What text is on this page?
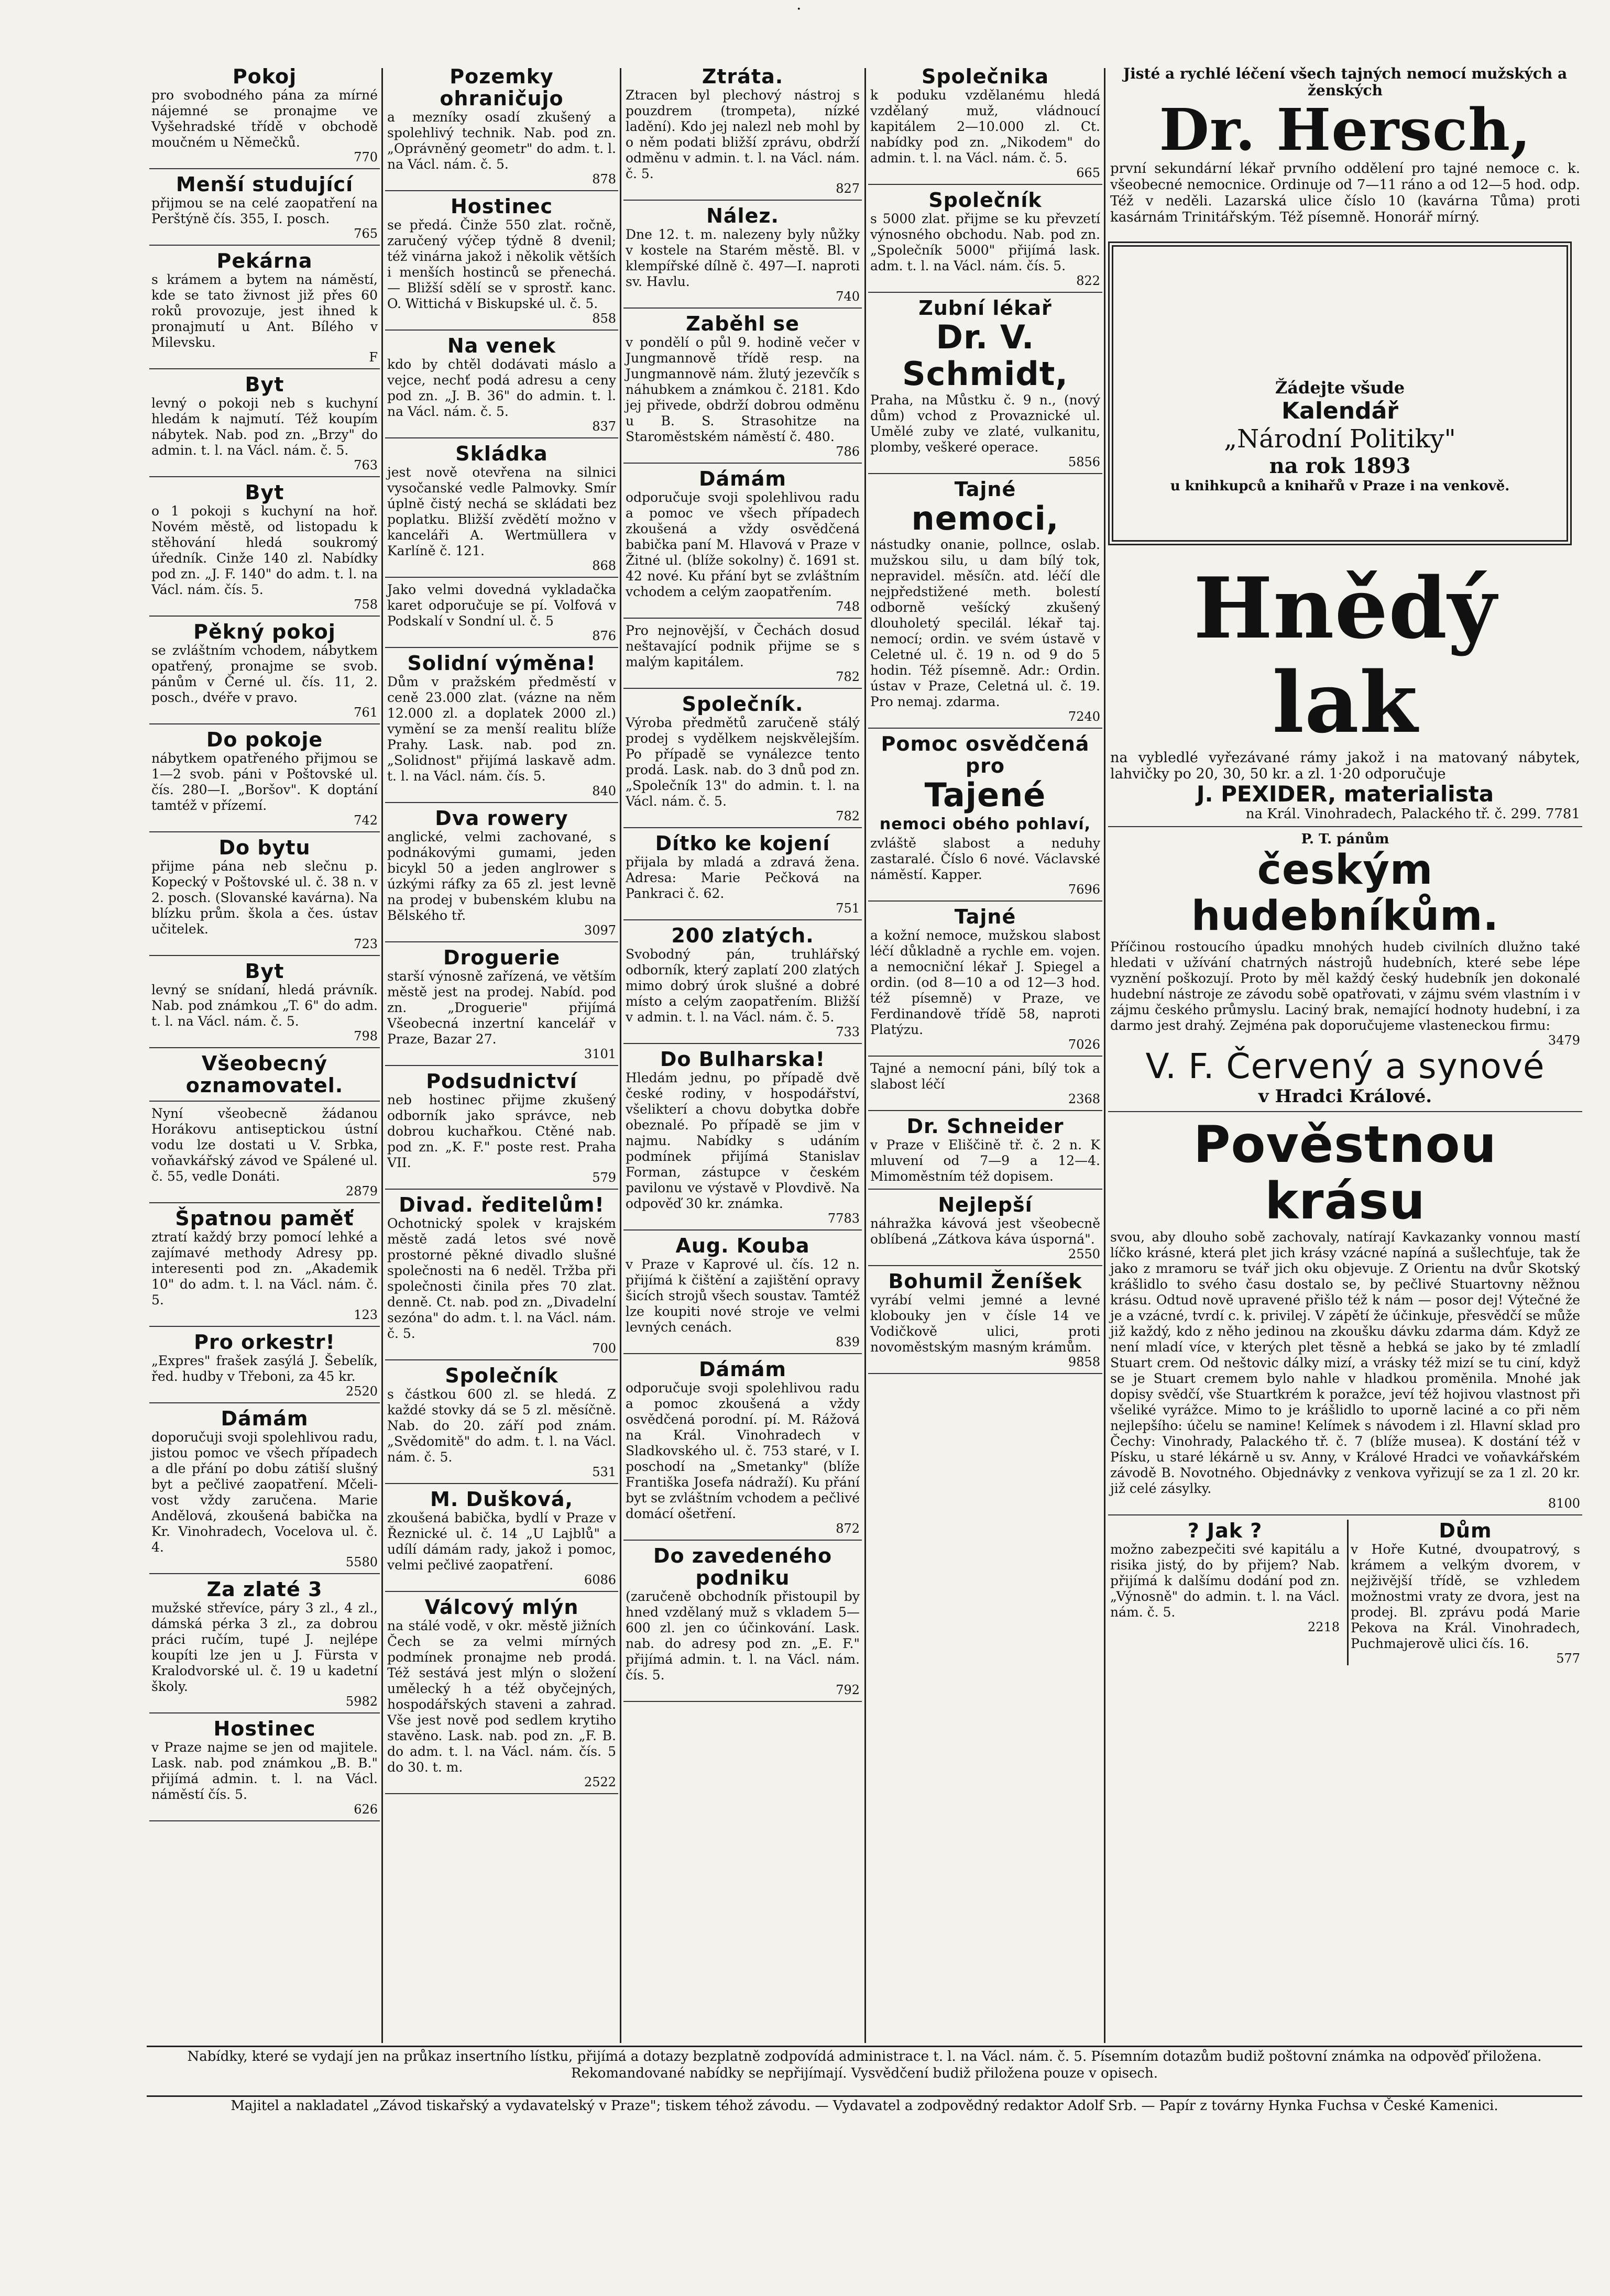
·
Pokoj

pro svobodného pána za mírné nájemné se pronajme ve Vyšehradské třídě v obchodě moučném u Němečků.

770
Menší studující

přijmou se na celé zaopatření na Perštýně čís. 355, I. posch.

765
Pekárna

s krámem a bytem na náměstí, kde se tato živnost již přes 60 roků provozuje, jest ihned k pronajmutí u Ant. Bílého v Milevsku.

F
Byt

levný o pokoji neb s kuchyní hledám k najmutí. Též koupím nábytek. Nab. pod zn. „Brzy" do admin. t. l. na Václ. nám. č. 5.

763
Byt

o 1 pokoji s kuchyní na hoř. Novém městě, od listopadu k stěhování hledá soukromý úředník. Cinže 140 zl. Nabídky pod zn. „J. F. 140" do adm. t. l. na Václ. nám. čís. 5.

758
Pěkný pokoj

se zvláštním vchodem, nábytkem opatřený, pronajme se svob. pánům v Černé ul. čís. 11, 2. posch., dvéře v pravo.

761
Do pokoje

nábytkem opatřeného přijmou se 1—2 svob. páni v Poštovské ul. čís. 280—I. „Boršov". K doptání tamtéž v přízemí.

742
Do bytu

přijme pána neb slečnu p. Kopecký v Poštovské ul. č. 38 n. v 2. posch. (Slovanské kavárna). Na blízku prům. škola a čes. ústav učitelek.

723
Byt

levný se snídaní, hledá právník. Nab. pod známkou „T. 6" do adm. t. l. na Václ. nám. č. 5.

798
Všeobecný oznamovatel.

Nyní všeobecně žádanou Horákovu antiseptickou ústní vodu lze dostati u V. Srbka, voňavkářský závod ve Spálené ul. č. 55, vedle Donáti.

2879
Špatnou paměť

ztratí každý brzy pomocí lehké a zajímavé methody Adresy pp. interesenti pod zn. „Akademik 10" do adm. t. l. na Václ. nám. č. 5.

123
Pro orkestr!

„Expres" frašek zasýlá J. Šebelík, řed. hudby v Třeboni, za 45 kr.

2520
Dámám

doporučuji svoji spolehlivou radu, jistou pomoc ve všech případech a dle přání po dobu zátiší slušný byt a pečlivé zaopatření. Mčeli-vost vždy zaručena. Marie Andělová, zkoušená babička na Kr. Vinohradech, Vocelova ul. č. 4.

5580
Za zlaté 3

mužské střevíce, páry 3 zl., 4 zl., dámská pérka 3 zl., za dobrou práci ručím, tupé J. nejlépe koupíti lze jen u J. Fürsta v Kralodvorské ul. č. 19 u kadetní školy.

5982
Hostinec

v Praze najme se jen od majitele. Lask. nab. pod známkou „B. B." přijímá admin. t. l. na Václ. náměstí čís. 5.

626
Pozemky ohraničujo

a mezníky osadí zkušený a spolehlivý technik. Nab. pod zn. „Oprávněný geometr" do adm. t. l. na Václ. nám. č. 5.

878
Hostinec

se předá. Činže 550 zlat. ročně, zaručený výčep týdně 8 dvenil; též vinárna jakož i několik větších i menších hostinců se přenechá. — Bližší sdělí se v sprostř. kanc. O. Wittichá v Biskupské ul. č. 5.

858
Na venek

kdo by chtěl dodávati máslo a vejce, nechť podá adresu a ceny pod zn. „J. B. 36" do admin. t. l. na Václ. nám. č. 5.

837
Skládka

jest nově otevřena na silnici vysočanské vedle Palmovky. Smír úplně čistý nechá se skládati bez poplatku. Bližší zvědětí možno v kanceláři A. Wertmüllera v Karlíně č. 121.

868

Jako velmi dovedná vykladačka karet odporučuje se pí. Volfová v Podskalí v Sondní ul. č. 5

876
Solidní výměna!

Dům v pražském předměstí v ceně 23.000 zlat. (vázne na něm 12.000 zl. a doplatek 2000 zl.) vymění se za menší realitu blíže Prahy. Lask. nab. pod zn. „Solidnost" přijímá laskavě adm. t. l. na Václ. nám. čís. 5.

840
Dva rowery

anglické, velmi zachované, s podnákovými gumami, jeden bicykl 50 a jeden anglrower s úzkými ráfky za 65 zl. jest levně na prodej v bubenském klubu na Bělského tř.

3097
Droguerie

starší výnosně zařízená, ve větším městě jest na prodej. Nabíd. pod zn. „Droguerie" přijímá Všeobecná inzertní kancelář v Praze, Bazar 27.

3101
Podsudnictví

neb hostinec přijme zkušený odborník jako správce, neb dobrou kuchařkou. Ctěné nab. pod zn. „K. F." poste rest. Praha VII.

579
Divad. ředitelům!

Ochotnický spolek v krajském městě zadá letos své nově prostorné pěkné divadlo slušné společnosti na 6 neděl. Tržba při společnosti činila přes 70 zlat. denně. Ct. nab. pod zn. „Divadelní sezóna" do adm. t. l. na Václ. nám. č. 5.

700
Společník

s částkou 600 zl. se hledá. Z každé stovky dá se 5 zl. měsíčně. Nab. do 20. září pod znám. „Svědomitě" do adm. t. l. na Václ. nám. č. 5.

531
M. Dušková,

zkoušená babička, bydlí v Praze v Řeznické ul. č. 14 „U Lajblů" a udílí dámám rady, jakož i pomoc, velmi pečlivé zaopatření.

6086
Válcový mlýn

na stálé vodě, v okr. městě jižních Čech se za velmi mírných podmínek pronajme neb prodá. Též sestává jest mlýn o složení umělecký h a též obyčejných, hospodářských staveni a zahrad. Vše jest nově pod sedlem krytiho stavěno. Lask. nab. pod zn. „F. B. do adm. t. l. na Václ. nám. čís. 5 do 30. t. m.

2522
Ztráta.

Ztracen byl plechový nástroj s pouzdrem (trompeta), nízké ladění). Kdo jej nalezl neb mohl by o něm podati bližší zprávu, obdrží odměnu v admin. t. l. na Václ. nám. č. 5.

827
Nález.

Dne 12. t. m. nalezeny byly nůžky v kostele na Starém městě. Bl. v klempířské dílně č. 497—I. naproti sv. Havlu.

740
Zaběhl se

v pondělí o půl 9. hodině večer v Jungmannově třídě resp. na Jungmannově nám. žlutý jezevčík s náhubkem a známkou č. 2181. Kdo jej přivede, obdrží dobrou odměnu u B. S. Strasohitze na Staroměstském náměstí č. 480.

786
Dámám

odporučuje svoji spolehlivou radu a pomoc ve všech případech zkoušená a vždy osvědčená babička paní M. Hlavová v Praze v Žitné ul. (blíže sokolny) č. 1691 st. 42 nové. Ku přání byt se zvláštním vchodem a celým zaopatřením.

748

Pro nejnovější, v Čechách dosud neštavající podnik přijme se s malým kapitálem.

782
Společník.

Výroba předmětů zaručeně stálý prodej s vydělkem nejskvělejším. Po případě se vynálezce tento prodá. Lask. nab. do 3 dnů pod zn. „Společník 13" do admin. t. l. na Václ. nám. č. 5.

782
Dítko ke kojení

přijala by mladá a zdravá žena. Adresa: Marie Pečková na Pankraci č. 62.

751
200 zlatých.

Svobodný pán, truhlářský odborník, který zaplatí 200 zlatých mimo dobrý úrok slušné a dobré místo a celým zaopatřením. Bližší v admin. t. l. na Václ. nám. č. 5.

733
Do Bulharska!

Hledám jednu, po případě dvě české rodiny, v hospodářství, všelikterí a chovu dobytka dobře obeznalé. Po případě se jim v najmu. Nabídky s udáním podmínek přijímá Stanislav Forman, zástupce v českém pavilonu ve výstavě v Plovdivě. Na odpověď 30 kr. známka.

7783
Aug. Kouba

v Praze v Kaprové ul. čís. 12 n. přijímá k čištění a zajištění opravy šicích strojů všech soustav. Tamtéž lze koupiti nové stroje ve velmi levných cenách.

839
Dámám

odporučuje svoji spolehlivou radu a pomoc zkoušená a vždy osvědčená porodní. pí. M. Rážová na Král. Vinohradech v Sladkovského ul. č. 753 staré, v I. poschodí na „Smetanky" (blíže Františka Josefa nádraží). Ku přání byt se zvláštním vchodem a pečlivé domácí ošetření.

872
Do zavedeného podniku

(zaručeně obchodník přistoupil by hned vzdělaný muž s vkladem 5—600 zl. jen co účinkování. Lask. nab. do adresy pod zn. „E. F." přijímá admin. t. l. na Václ. nám. čís. 5.

792
Společnika

k poduku vzdělanému hledá vzdělaný muž, vládnoucí kapitálem 2—10.000 zl. Ct. nabídky pod zn. „Nikodem" do admin. t. l. na Václ. nám. č. 5.

665
Společník

s 5000 zlat. přijme se ku převzetí výnosného obchodu. Nab. pod zn. „Společník 5000" přijímá lask. adm. t. l. na Václ. nám. čís. 5.

822
Zubní lékař
Dr. V. Schmidt,

Praha, na Můstku č. 9 n., (nový dům) vchod z Provaznické ul. Umělé zuby ve zlaté, vulkanitu, plomby, veškeré operace.

5856
Tajné
nemoci,

nástudky onanie, pollnce, oslab. mužskou silu, u dam bílý tok, nepravidel. měsíčn. atd. léčí dle nejpředstižené meth. bolestí odborně vešícký zkušený dlouholetý specilál. lékař taj. nemocí; ordin. ve svém ústavě v Celetné ul. č. 19 n. od 9 do 5 hodin. Též písemně. Adr.: Ordin. ústav v Praze, Celetná ul. č. 19. Pro nemaj. zdarma.

7240
Pomoc osvědčená pro
Tajené
nemoci obého pohlaví,

zvláště slabost a neduhy zastaralé. Číslo 6 nové. Václavské náměstí. Kapper.

7696
Tajné

a kožní nemoce, mužskou slabost léčí důkladně a rychle em. vojen. a nemocniční lékař J. Spiegel a ordin. (od 8—10 a od 12—3 hod. též písemně) v Praze, ve Ferdinandově třídě 58, naproti Platýzu.

7026

Tajné a nemocní páni, bílý tok a slabost léčí

2368
Dr. Schneider

v Praze v Eliščině tř. č. 2 n. K mluvení od 7—9 a 12—4. Mimoměstním též dopisem.

Nejlepší

náhražka kávová jest všeobecně oblíbená „Zátkova káva úsporná".

2550
Bohumil Ženíšek

vyrábí velmi jemné a levné klobouky jen v čísle 14 ve Vodičkově ulici, proti novoměstským masným krámům.

9858

Jisté a rychlé léčení všech tajných nemocí mužských a ženských

Dr. Hersch,

první sekundární lékař prvního oddělení pro tajné nemoce c. k. všeobecné nemocnice. Ordinuje od 7—11 ráno a od 12—5 hod. odp. Též v neděli. Lazarská ulice číslo 10 (kavárna Tůma) proti kasárnám Trinitářským. Též písemně. Honorář mírný.

Žádejte všude

Kalendář

„Národní Politiky"

na rok 1893

u knihkupců a knihařů v Praze i na venkově.

Hnědý lak

na vybledlé vyřezávané rámy jakož i na matovaný nábytek, lahvičky po 20, 30, 50 kr. a zl. 1·20 odporučuje

J. PEXIDER, materialista

na Král. Vinohradech, Palackého tř. č. 299. 7781

P. T. pánům

českým hudebníkům.

Příčinou rostoucího úpadku mnohých hudeb civilních dlužno také hledati v užívání chatrných nástrojů hudebních, které sebe lépe vyznění poškozují. Proto by měl každý český hudebník jen dokonalé hudební nástroje ze závodu sobě opatřovati, v zájmu svém vlastním i v zájmu českého průmyslu. Laciný brak, nemající hodnoty hudební, i za darmo jest drahý. Zejména pak doporučujeme vlasteneckou firmu:

3479
V. F. Červený a synové

v Hradci Králové.

Pověstnou krásu

svou, aby dlouho sobě zachovaly, natírají Kavkazanky vonnou mastí líčko krásné, která plet jich krásy vzácné napíná a sušlechťuje, tak že jako z mramoru se tvář jich oku objevuje. Z Orientu na dvůr Skotský krášlidlo to svého času dostalo se, by pečlivé Stuartovny něžnou krásu. Odtud nově upravené přišlo též k nám — posor dej! Výtečné že je a vzácné, tvrdí c. k. privilej. V zápětí že účinkuje, přesvědčí se může již každý, kdo z něho jedinou na zkoušku dávku zdarma dám. Když ze není mladí více, v kterých plet těsně a hebká se jako by té zmladlí Stuart crem. Od neštovic dálky mizí, a vrásky též mizí se tu ciní, když se je Stuart cremem bylo nahle v hladkou proměnila. Mnohé jak dopisy svědčí, vše Stuartkrém k poražce, jeví též hojivou vlastnost při všeliké vyrážce. Mimo to je krášlidlo to uporně laciné a co při něm nejlepšího: účelu se namine! Kelímek s návodem i zl. Hlavní sklad pro Čechy: Vinohrady, Palackého tř. č. 7 (blíže musea). K dostání též v Písku, u staré lékárně u sv. Anny, v Králové Hradci ve voňavkářském závodě B. Novotného. Objednávky z venkova vyřizují se za 1 zl. 20 kr. již celé zásylky.

8100
? Jak ?

možno zabezpečiti své kapitálu a risika jistý, do by přijem? Nab. přijímá k dalšímu dodání pod zn. „Výnosně" do admin. t. l. na Václ. nám. č. 5.

2218
Dům

v Hoře Kutné, dvoupatrový, s krámem a velkým dvorem, v nejživější třídě, se vzhledem možnostmi vraty ze dvora, jest na prodej. Bl. zprávu podá Marie Pekova na Král. Vinohradech, Puchmajerově ulici čís. 16.

577

Nabídky, které se vydají jen na průkaz insertního lístku, přijímá a dotazy bezplatně zodpovídá administrace t. l. na Václ. nám. č. 5. Písemním dotazům budiž poštovní známka na odpověď přiložena. Rekomandované nabídky se nepřijímají. Vysvědčení budiž přiložena pouze v opisech.

Majitel a nakladatel „Závod tiskařský a vydavatelský v Praze"; tiskem téhož závodu. — Vydavatel a zodpovědný redaktor Adolf Srb. — Papír z továrny Hynka Fuchsa v České Kamenici.
